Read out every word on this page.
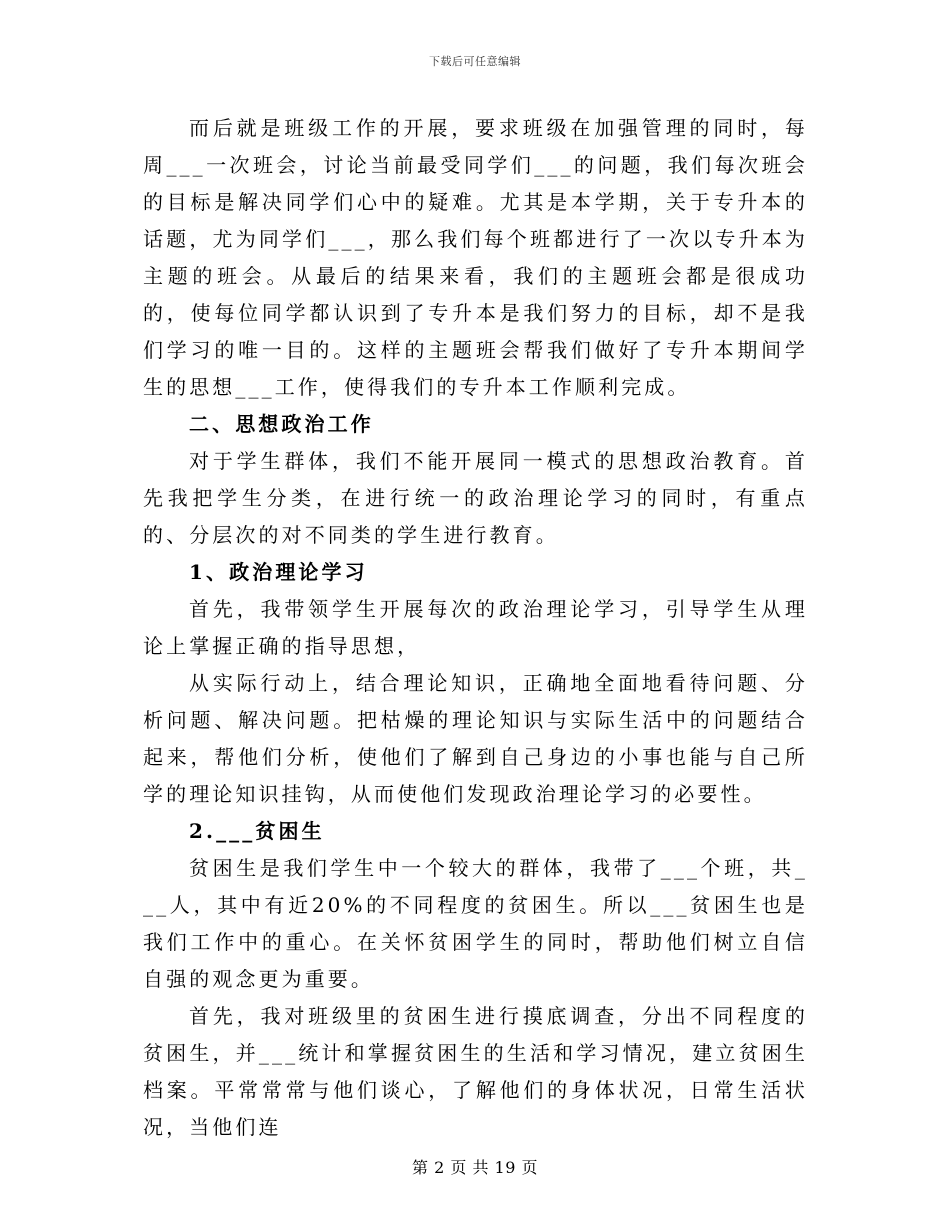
下载后可任意编辑

而后就是班级工作的开展，要求班级在加强管理的同时，每周___一次班会，讨论当前最受同学们___的问题，我们每次班会的目标是解决同学们心中的疑难。尤其是本学期，关于专升本的话题，尤为同学们___，那么我们每个班都进行了一次以专升本为主题的班会。从最后的结果来看，我们的主题班会都是很成功的，使每位同学都认识到了专升本是我们努力的目标，却不是我们学习的唯一目的。这样的主题班会帮我们做好了专升本期间学生的思想___工作，使得我们的专升本工作顺利完成。

二、思想政治工作

对于学生群体，我们不能开展同一模式的思想政治教育。首先我把学生分类，在进行统一的政治理论学习的同时，有重点的、分层次的对不同类的学生进行教育。

1、政治理论学习

首先，我带领学生开展每次的政治理论学习，引导学生从理论上掌握正确的指导思想，

从实际行动上，结合理论知识，正确地全面地看待问题、分析问题、解决问题。把枯燥的理论知识与实际生活中的问题结合起来，帮他们分析，使他们了解到自己身边的小事也能与自己所学的理论知识挂钩，从而使他们发现政治理论学习的必要性。

2.___贫困生

贫困生是我们学生中一个较大的群体，我带了___个班，共___人，其中有近20%的不同程度的贫困生。所以___贫困生也是我们工作中的重心。在关怀贫困学生的同时，帮助他们树立自信自强的观念更为重要。

首先，我对班级里的贫困生进行摸底调查，分出不同程度的贫困生，并___统计和掌握贫困生的生活和学习情况，建立贫困生档案。平常常常与他们谈心，了解他们的身体状况，日常生活状况，当他们连

第 2 页 共 19 页
